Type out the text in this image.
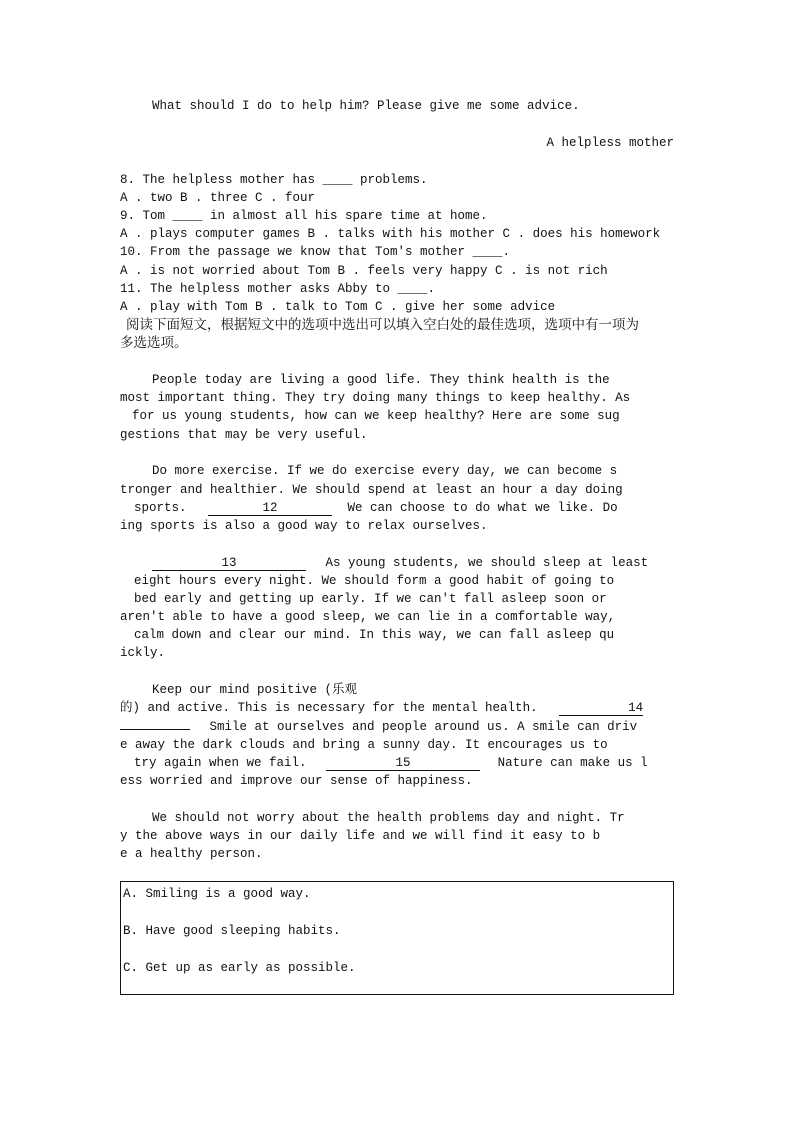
What should I do to help him? Please give me some advice.
A helpless mother
8. The helpless mother has ____ problems.
A . two B . three C . four
9. Tom ____ in almost all his spare time at home.
A . plays computer games B . talks with his mother C . does his homework
10. From the passage we know that Tom's mother ____.
A . is not worried about Tom B . feels very happy C . is not rich
11. The helpless mother asks Abby to ____.
A . play with Tom B . talk to Tom C . give her some advice
阅读下面短文，根据短文中的选项中选出可以填入空白处的最佳选项，选项中有一项为
多选选项。
People today are living a good life. They think health is the
most important thing. They try doing many things to keep healthy. As
for us young students, how can we keep healthy? Here are some sug
gestions that may be very useful.
Do more exercise. If we do exercise every day, we can become s
tronger and healthier. We should spend at least an hour a day doing
sports.	12	We can choose to do what we like. Do
ing sports is also a good way to relax ourselves.
13	As young students, we should sleep at least
eight hours every night. We should form a good habit of going to
bed early and getting up early. If we can't fall asleep soon or
aren't able to have a good sleep, we can lie in a comfortable way,
calm down and clear our mind. In this way, we can fall asleep qu
ickly.
Keep our mind positive (乐观
的) and active. This is necessary for the mental health.	14
Smile at ourselves and people around us. A smile can driv
e away the dark clouds and bring a sunny day. It encourages us to
try again when we fail.	15	Nature can make us l
ess worried and improve our sense of happiness.
We should not worry about the health problems day and night. Tr
y the above ways in our daily life and we will find it easy to b
e a healthy person.
A. Smiling is a good way.
B. Have good sleeping habits.
C. Get up as early as possible.
